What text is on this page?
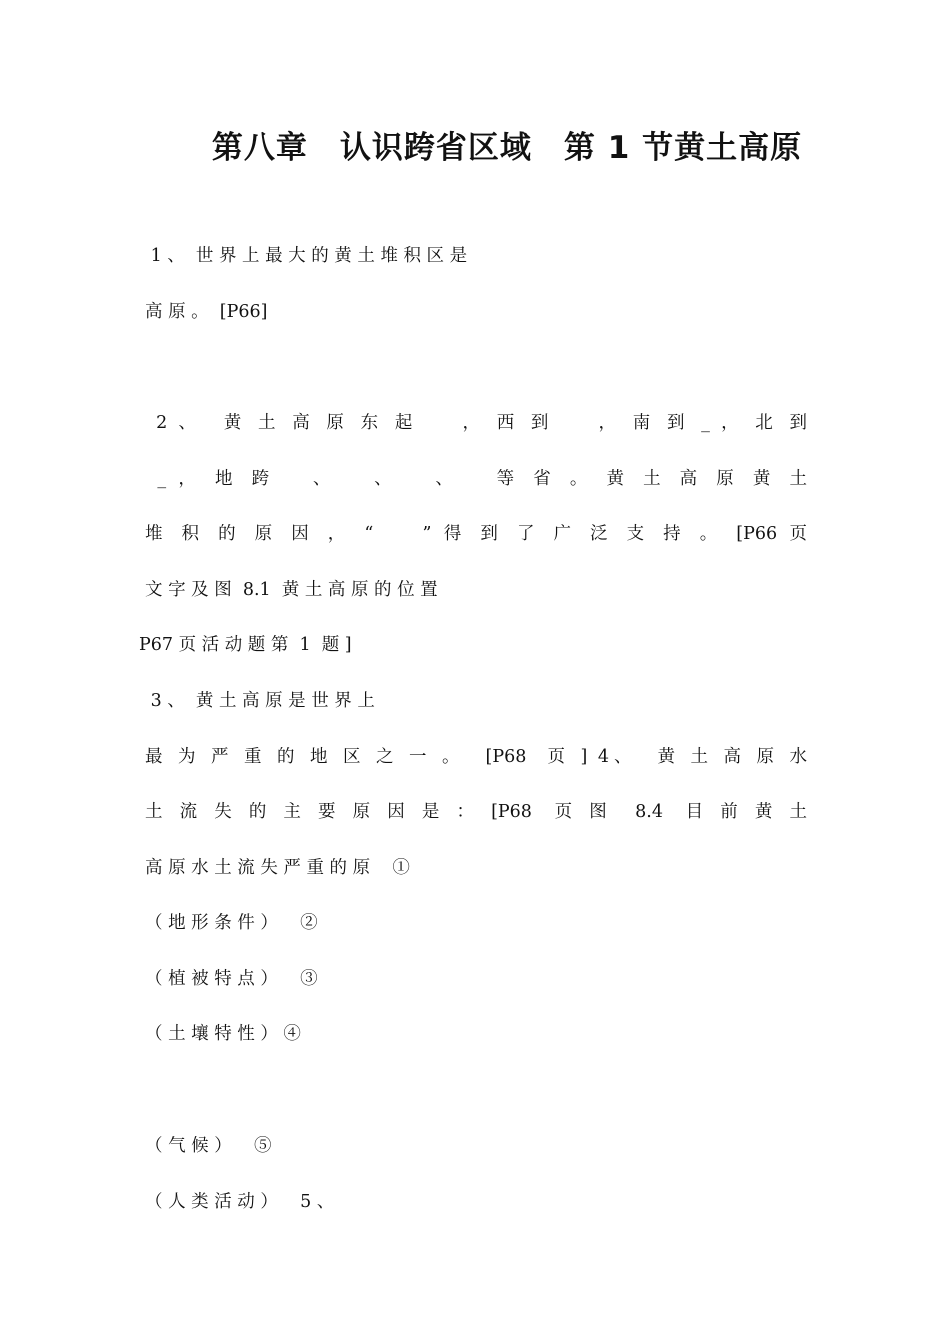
第八章　认识跨省区域　第 1 节黄土高原
1 、  世 界 上 最 大 的 黄 土 堆 积 区 是
高 原 。  [P66]
2 、  黄 土 高 原 东 起    ， 西 到    ， 南 到 _ ， 北 到
_ ， 地 跨   、   、   、   等 省 。 黄 土 高 原 黄 土
堆 积 的 原 因 ， “    ” 得 到 了 广 泛 支 持 。 [P66 页
文 字 及 图  8.1  黄 土 高 原 的 位 置
P67 页 活 动 题 第  1  题 ]
3 、  黄 土 高 原 是 世 界 上
最 为 严 重 的 地 区 之 一 。  [P68  页 ] 4、  黄 土 高 原 水
土 流 失 的 主 要 原 因 是 ： [P68  页 图  8.4  目 前 黄 土
高 原 水 土 流 失 严 重 的 原    ①
（ 地 形 条 件 ）    ②
（ 植 被 特 点 ）    ③
（ 土 壤 特 性 ） ④
（ 气 候 ）    ⑤
（ 人 类 活 动 ）    5 、
